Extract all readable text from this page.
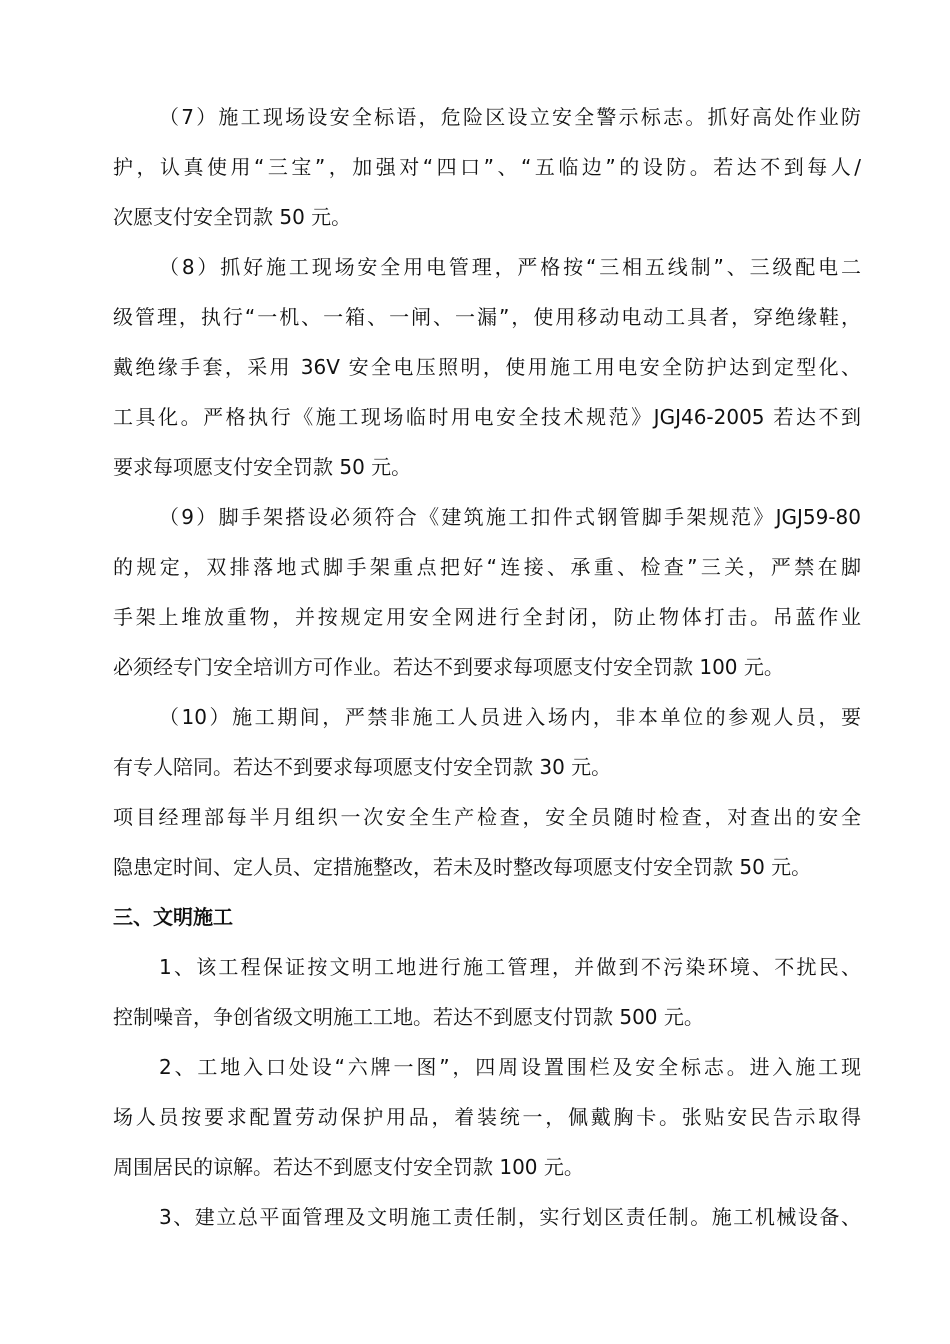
（7）施工现场设安全标语，危险区设立安全警示标志。抓好高处作业防
护，认真使用“三宝”，加强对“四口”、“五临边”的设防。若达不到每人/
次愿支付安全罚款 50 元。
（8）抓好施工现场安全用电管理，严格按“三相五线制”、三级配电二
级管理，执行“一机、一箱、一闸、一漏”，使用移动电动工具者，穿绝缘鞋，
戴绝缘手套，采用 36V 安全电压照明，使用施工用电安全防护达到定型化、
工具化。严格执行《施工现场临时用电安全技术规范》JGJ46-2005 若达不到
要求每项愿支付安全罚款 50 元。
（9）脚手架搭设必须符合《建筑施工扣件式钢管脚手架规范》JGJ59-80
的规定，双排落地式脚手架重点把好“连接、承重、检查”三关，严禁在脚
手架上堆放重物，并按规定用安全网进行全封闭，防止物体打击。吊蓝作业
必须经专门安全培训方可作业。若达不到要求每项愿支付安全罚款 100 元。
（10）施工期间，严禁非施工人员进入场内，非本单位的参观人员，要
有专人陪同。若达不到要求每项愿支付安全罚款 30 元。
项目经理部每半月组织一次安全生产检查，安全员随时检查，对查出的安全
隐患定时间、定人员、定措施整改，若未及时整改每项愿支付安全罚款 50 元。
三、文明施工
1、该工程保证按文明工地进行施工管理，并做到不污染环境、不扰民、
控制噪音，争创省级文明施工工地。若达不到愿支付罚款 500 元。
2、工地入口处设“六牌一图”，四周设置围栏及安全标志。进入施工现
场人员按要求配置劳动保护用品，着装统一，佩戴胸卡。张贴安民告示取得
周围居民的谅解。若达不到愿支付安全罚款 100 元。
3、建立总平面管理及文明施工责任制，实行划区责任制。施工机械设备、
